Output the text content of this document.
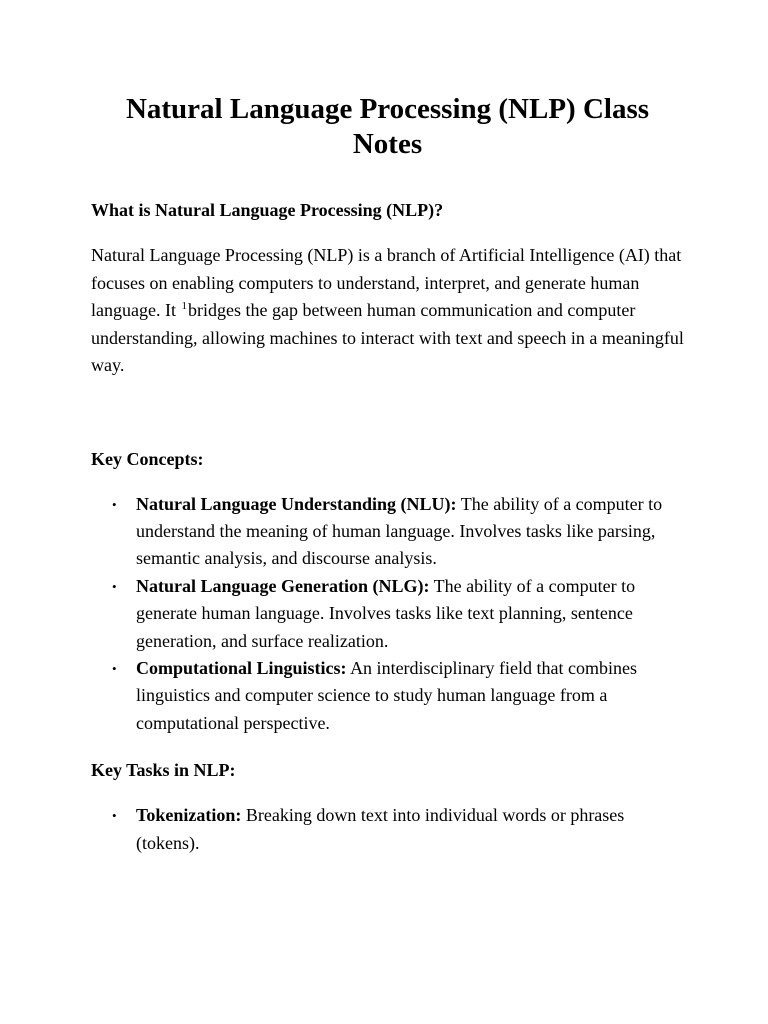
Natural Language Processing (NLP) Class Notes
What is Natural Language Processing (NLP)?

Natural Language Processing (NLP) is a branch of Artificial Intelligence (AI) that focuses on enabling computers to understand, interpret, and generate human language. It $^1$bridges the gap between human communication and computer understanding, allowing machines to interact with text and speech in a meaningful way.

Key Concepts:
• Natural Language Understanding (NLU): The ability of a computer to understand the meaning of human language. Involves tasks like parsing, semantic analysis, and discourse analysis.
• Natural Language Generation (NLG): The ability of a computer to generate human language. Involves tasks like text planning, sentence generation, and surface realization.
• Computational Linguistics: An interdisciplinary field that combines linguistics and computer science to study human language from a computational perspective.
Key Tasks in NLP:
• Tokenization: Breaking down text into individual words or phrases (tokens).
